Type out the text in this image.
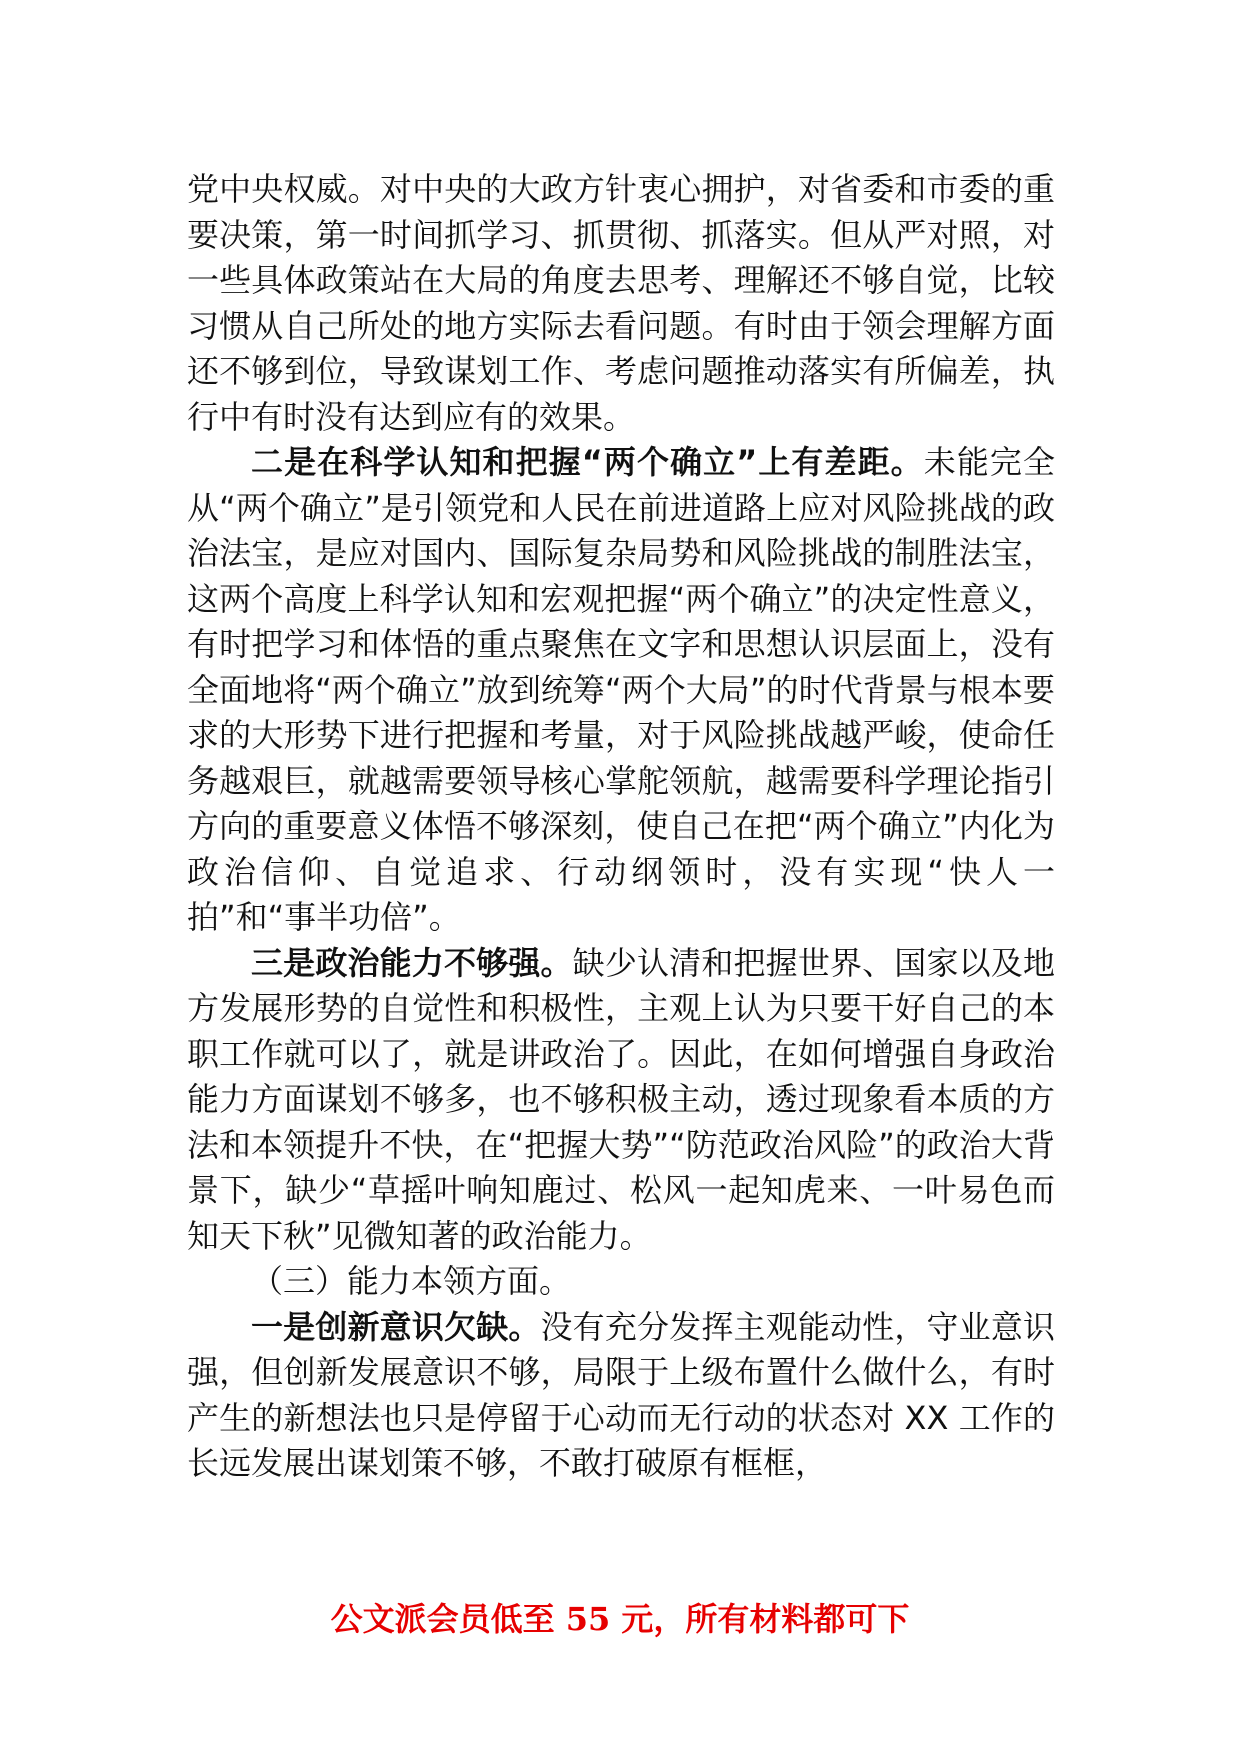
党中央权威。对中央的大政方针衷心拥护，对省委和市委的重要决策，第一时间抓学习、抓贯彻、抓落实。但从严对照，对一些具体政策站在大局的角度去思考、理解还不够自觉，比较习惯从自己所处的地方实际去看问题。有时由于领会理解方面还不够到位，导致谋划工作、考虑问题推动落实有所偏差，执行中有时没有达到应有的效果。

二是在科学认知和把握“两个确立”上有差距。未能完全从“两个确立”是引领党和人民在前进道路上应对风险挑战的政治法宝，是应对国内、国际复杂局势和风险挑战的制胜法宝，这两个高度上科学认知和宏观把握“两个确立”的决定性意义，有时把学习和体悟的重点聚焦在文字和思想认识层面上，没有全面地将“两个确立”放到统筹“两个大局”的时代背景与根本要求的大形势下进行把握和考量，对于风险挑战越严峻，使命任务越艰巨，就越需要领导核心掌舵领航，越需要科学理论指引方向的重要意义体悟不够深刻，使自己在把“两个确立”内化为政治信仰、自觉追求、行动纲领时，没有实现“快人一拍”和“事半功倍”。

三是政治能力不够强。缺少认清和把握世界、国家以及地方发展形势的自觉性和积极性，主观上认为只要干好自己的本职工作就可以了，就是讲政治了。因此，在如何增强自身政治能力方面谋划不够多，也不够积极主动，透过现象看本质的方法和本领提升不快，在“把握大势”“防范政治风险”的政治大背景下，缺少“草摇叶响知鹿过、松风一起知虎来、一叶易色而知天下秋”见微知著的政治能力。

（三）能力本领方面。

一是创新意识欠缺。没有充分发挥主观能动性，守业意识强，但创新发展意识不够，局限于上级布置什么做什么，有时产生的新想法也只是停留于心动而无行动的状态对 XX 工作的长远发展出谋划策不够，不敢打破原有框框，

公文派会员低至 55 元，所有材料都可下
